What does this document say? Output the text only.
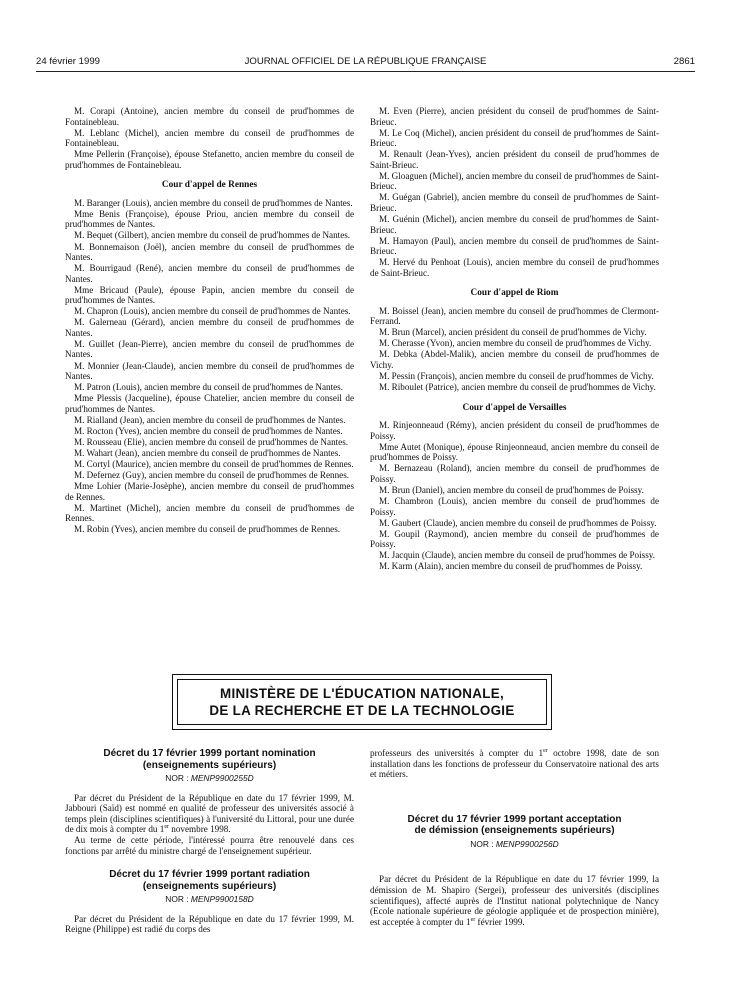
24 février 1999	JOURNAL OFFICIEL DE LA RÉPUBLIQUE FRANÇAISE	2861

M. Corapi (Antoine), ancien membre du conseil de prud'hommes de Fontainebleau.

M. Leblanc (Michel), ancien membre du conseil de prud'hommes de Fontainebleau.

Mme Pellerin (Françoise), épouse Stefanetto, ancien membre du conseil de prud'hommes de Fontainebleau.

Cour d'appel de Rennes

M. Baranger (Louis), ancien membre du conseil de prud'hommes de Nantes.

Mme Benis (Françoise), épouse Priou, ancien membre du conseil de prud'hommes de Nantes.

M. Bequet (Gilbert), ancien membre du conseil de prud'hommes de Nantes.

M. Bonnemaison (Joël), ancien membre du conseil de prud'hommes de Nantes.

M. Bourrigaud (René), ancien membre du conseil de prud'hommes de Nantes.

Mme Bricaud (Paule), épouse Papin, ancien membre du conseil de prud'hommes de Nantes.

M. Chapron (Louis), ancien membre du conseil de prud'hommes de Nantes.

M. Galerneau (Gérard), ancien membre du conseil de prud'hommes de Nantes.

M. Guillet (Jean-Pierre), ancien membre du conseil de prud'hommes de Nantes.

M. Monnier (Jean-Claude), ancien membre du conseil de prud'hommes de Nantes.

M. Patron (Louis), ancien membre du conseil de prud'hommes de Nantes.

Mme Plessis (Jacqueline), épouse Chatelier, ancien membre du conseil de prud'hommes de Nantes.

M. Rialland (Jean), ancien membre du conseil de prud'hommes de Nantes.

M. Rocton (Yves), ancien membre du conseil de prud'hommes de Nantes.

M. Rousseau (Elie), ancien membre du conseil de prud'hommes de Nantes.

M. Wahart (Jean), ancien membre du conseil de prud'hommes de Nantes.

M. Cortyl (Maurice), ancien membre du conseil de prud'hommes de Rennes.

M. Defernez (Guy), ancien membre du conseil de prud'hommes de Rennes.

Mme Lohier (Marie-Josèphe), ancien membre du conseil de prud'hommes de Rennes.

M. Martinet (Michel), ancien membre du conseil de prud'hommes de Rennes.

M. Robin (Yves), ancien membre du conseil de prud'hommes de Rennes.

M. Even (Pierre), ancien président du conseil de prud'hommes de Saint-Brieuc.

M. Le Coq (Michel), ancien président du conseil de prud'hommes de Saint-Brieuc.

M. Renault (Jean-Yves), ancien président du conseil de prud'hommes de Saint-Brieuc.

M. Gloaguen (Michel), ancien membre du conseil de prud'hommes de Saint-Brieuc.

M. Guégan (Gabriel), ancien membre du conseil de prud'hommes de Saint-Brieuc.

M. Guénin (Michel), ancien membre du conseil de prud'hommes de Saint-Brieuc.

M. Hamayon (Paul), ancien membre du conseil de prud'hommes de Saint-Brieuc.

M. Hervé du Penhoat (Louis), ancien membre du conseil de prud'hommes de Saint-Brieuc.

Cour d'appel de Riom

M. Boissel (Jean), ancien membre du conseil de prud'hommes de Clermont-Ferrand.

M. Brun (Marcel), ancien président du conseil de prud'hommes de Vichy.

M. Cherasse (Yvon), ancien membre du conseil de prud'hommes de Vichy.

M. Debka (Abdel-Malik), ancien membre du conseil de prud'hommes de Vichy.

M. Pessin (François), ancien membre du conseil de prud'hommes de Vichy.

M. Riboulet (Patrice), ancien membre du conseil de prud'hommes de Vichy.

Cour d'appel de Versailles

M. Rinjeonneaud (Rémy), ancien président du conseil de prud'hommes de Poissy.

Mme Autet (Monique), épouse Rinjeonneaud, ancien membre du conseil de prud'hommes de Poissy.

M. Bernazeau (Roland), ancien membre du conseil de prud'hommes de Poissy.

M. Brun (Daniel), ancien membre du conseil de prud'hommes de Poissy.

M. Chambron (Louis), ancien membre du conseil de prud'hommes de Poissy.

M. Gaubert (Claude), ancien membre du conseil de prud'hommes de Poissy.

M. Goupil (Raymond), ancien membre du conseil de prud'hommes de Poissy.

M. Jacquin (Claude), ancien membre du conseil de prud'hommes de Poissy.

M. Karm (Alain), ancien membre du conseil de prud'hommes de Poissy.

MINISTÈRE DE L'ÉDUCATION NATIONALE,
DE LA RECHERCHE ET DE LA TECHNOLOGIE
Décret du 17 février 1999 portant nomination
(enseignements supérieurs)
NOR : MENP9900255D

Par décret du Président de la République en date du 17 février 1999, M. Jabbouri (Saïd) est nommé en qualité de professeur des universités associé à temps plein (disciplines scientifiques) à l'université du Littoral, pour une durée de dix mois à compter du 1er novembre 1998.

Au terme de cette période, l'intéressé pourra être renouvelé dans ces fonctions par arrêté du ministre chargé de l'enseignement supérieur.

Décret du 17 février 1999 portant radiation
(enseignements supérieurs)
NOR : MENP9900158D

Par décret du Président de la République en date du 17 février 1999, M. Reigne (Philippe) est radié du corps des

professeurs des universités à compter du 1er octobre 1998, date de son installation dans les fonctions de professeur du Conservatoire national des arts et métiers.

Décret du 17 février 1999 portant acceptation
de démission (enseignements supérieurs)
NOR : MENP9900256D

Par décret du Président de la République en date du 17 février 1999, la démission de M. Shapiro (Sergei), professeur des universités (disciplines scientifiques), affecté auprès de l'Institut national polytechnique de Nancy (Ecole nationale supérieure de géologie appliquée et de prospection minière), est acceptée à compter du 1er février 1999.
